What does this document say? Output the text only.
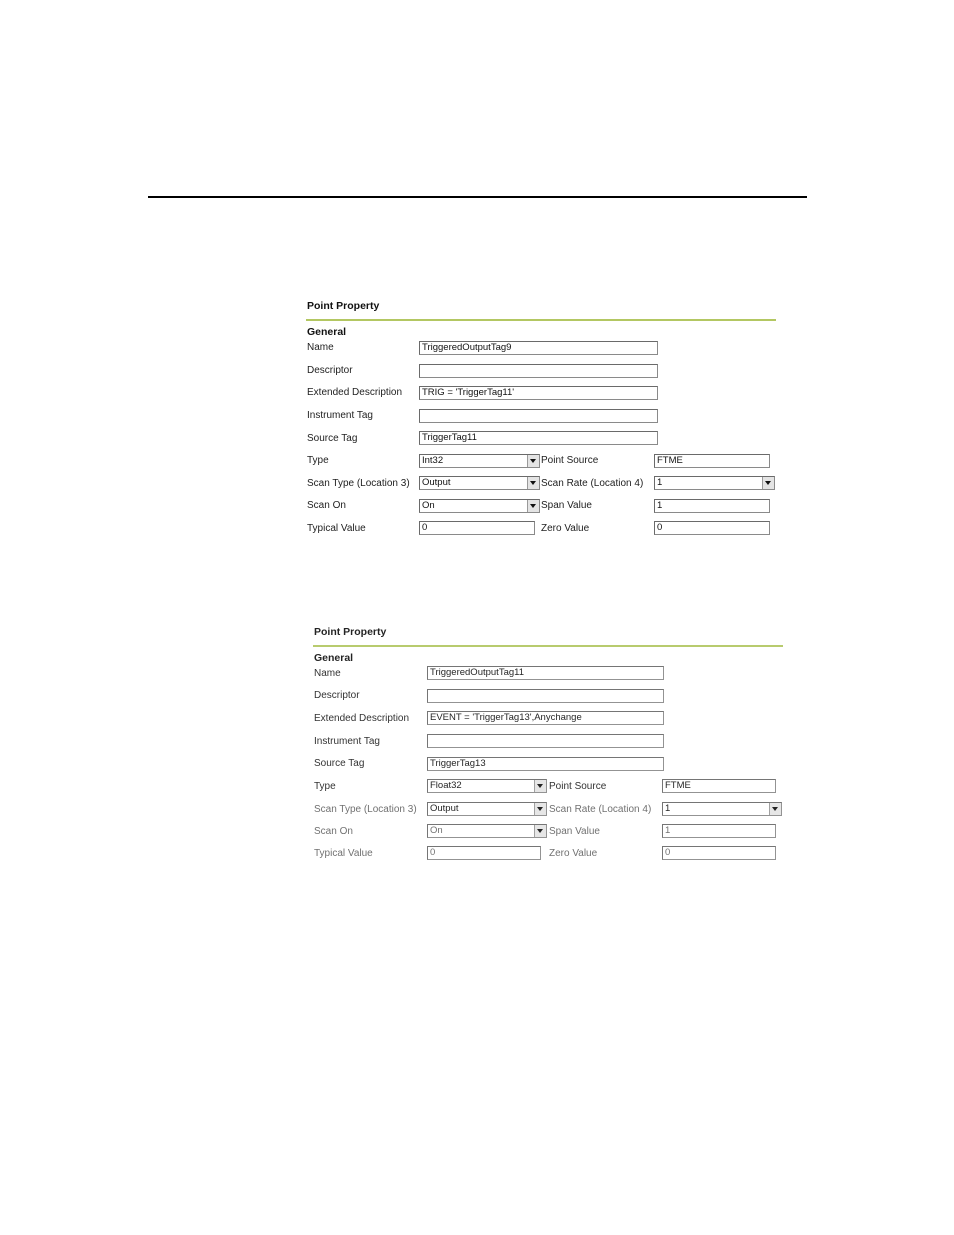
Point Property
General
Name	TriggeredOutputTag9
Descriptor
Extended Description	TRIG = 'TriggerTag11'
Instrument Tag
Source Tag	TriggerTag11
Type	Int32	Point Source	FTME
Scan Type (Location 3)	Output	Scan Rate (Location 4)	1
Scan On	On	Span Value	1
Typical Value	0	Zero Value	0
Point Property
General
Name	TriggeredOutputTag11
Descriptor
Extended Description	EVENT = 'TriggerTag13',Anychange
Instrument Tag
Source Tag	TriggerTag13
Type	Float32	Point Source	FTME
Scan Type (Location 3)	Output	Scan Rate (Location 4)	1
Scan On	On	Span Value	1
Typical Value	0	Zero Value	0
